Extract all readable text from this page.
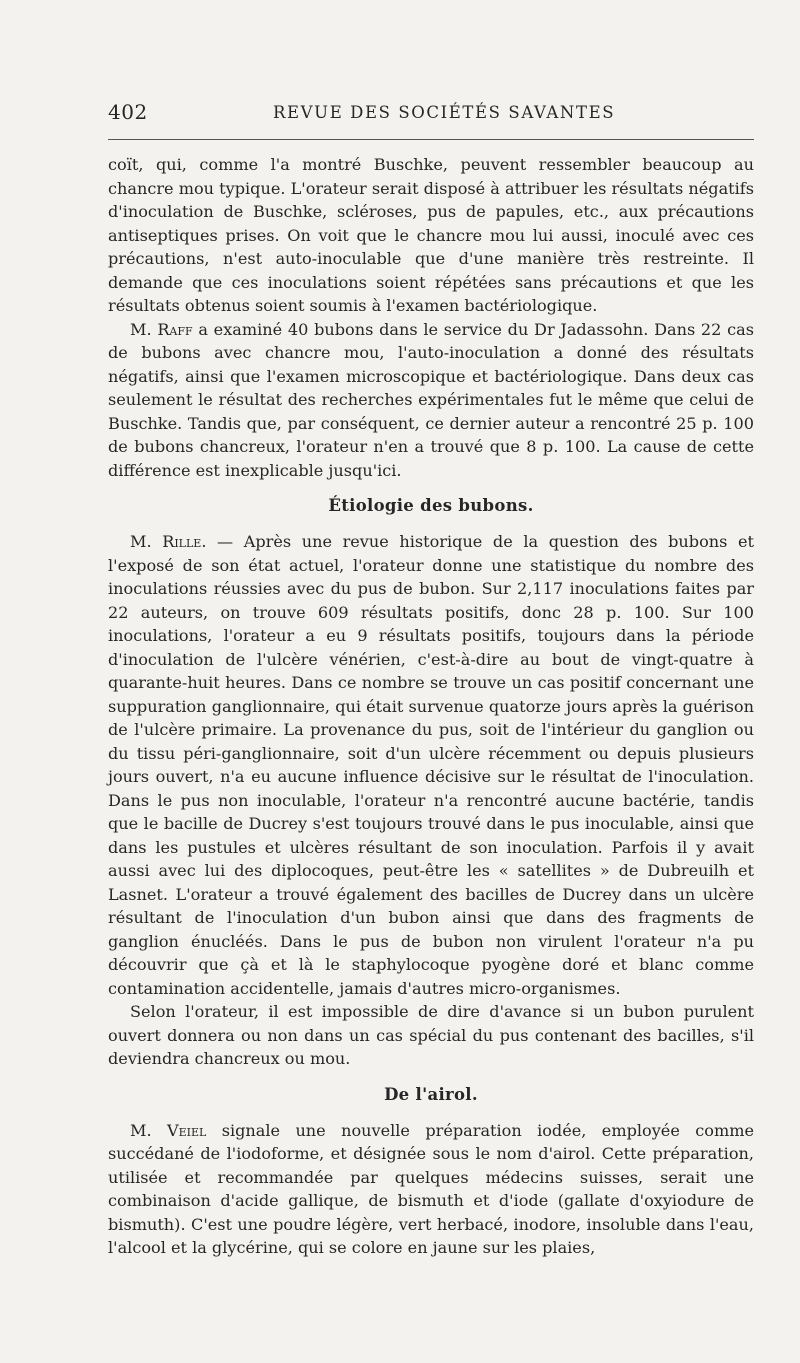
402	REVUE DES SOCIÉTÉS SAVANTES

coït, qui, comme l'a montré Buschke, peuvent ressembler beaucoup au chancre mou typique. L'orateur serait disposé à attribuer les résultats négatifs d'inoculation de Buschke, scléroses, pus de papules, etc., aux précautions antiseptiques prises. On voit que le chancre mou lui aussi, inoculé avec ces précautions, n'est auto-inoculable que d'une manière très restreinte. Il demande que ces inoculations soient répétées sans précautions et que les résultats obtenus soient soumis à l'examen bactériologique.

M. Raff a examiné 40 bubons dans le service du Dr Jadassohn. Dans 22 cas de bubons avec chancre mou, l'auto-inoculation a donné des résultats négatifs, ainsi que l'examen microscopique et bactériologique. Dans deux cas seulement le résultat des recherches expérimentales fut le même que celui de Buschke. Tandis que, par conséquent, ce dernier auteur a rencontré 25 p. 100 de bubons chancreux, l'orateur n'en a trouvé que 8 p. 100. La cause de cette différence est inexplicable jusqu'ici.

Étiologie des bubons.

M. Rille. — Après une revue historique de la question des bubons et l'exposé de son état actuel, l'orateur donne une statistique du nombre des inoculations réussies avec du pus de bubon. Sur 2,117 inoculations faites par 22 auteurs, on trouve 609 résultats positifs, donc 28 p. 100. Sur 100 inoculations, l'orateur a eu 9 résultats positifs, toujours dans la période d'inoculation de l'ulcère vénérien, c'est-à-dire au bout de vingt-quatre à quarante-huit heures. Dans ce nombre se trouve un cas positif concernant une suppuration ganglionnaire, qui était survenue quatorze jours après la guérison de l'ulcère primaire. La provenance du pus, soit de l'intérieur du ganglion ou du tissu péri-ganglionnaire, soit d'un ulcère récemment ou depuis plusieurs jours ouvert, n'a eu aucune influence décisive sur le résultat de l'inoculation. Dans le pus non inoculable, l'orateur n'a rencontré aucune bactérie, tandis que le bacille de Ducrey s'est toujours trouvé dans le pus inoculable, ainsi que dans les pustules et ulcères résultant de son inoculation. Parfois il y avait aussi avec lui des diplocoques, peut-être les « satellites » de Dubreuilh et Lasnet. L'orateur a trouvé également des bacilles de Ducrey dans un ulcère résultant de l'inoculation d'un bubon ainsi que dans des fragments de ganglion énucléés. Dans le pus de bubon non virulent l'orateur n'a pu découvrir que çà et là le staphylocoque pyogène doré et blanc comme contamination accidentelle, jamais d'autres micro-organismes.

Selon l'orateur, il est impossible de dire d'avance si un bubon purulent ouvert donnera ou non dans un cas spécial du pus contenant des bacilles, s'il deviendra chancreux ou mou.

De l'airol.

M. Veiel signale une nouvelle préparation iodée, employée comme succédané de l'iodoforme, et désignée sous le nom d'airol. Cette préparation, utilisée et recommandée par quelques médecins suisses, serait une combinaison d'acide gallique, de bismuth et d'iode (gallate d'oxyiodure de bismuth). C'est une poudre légère, vert herbacé, inodore, insoluble dans l'eau, l'alcool et la glycérine, qui se colore en jaune sur les plaies,
